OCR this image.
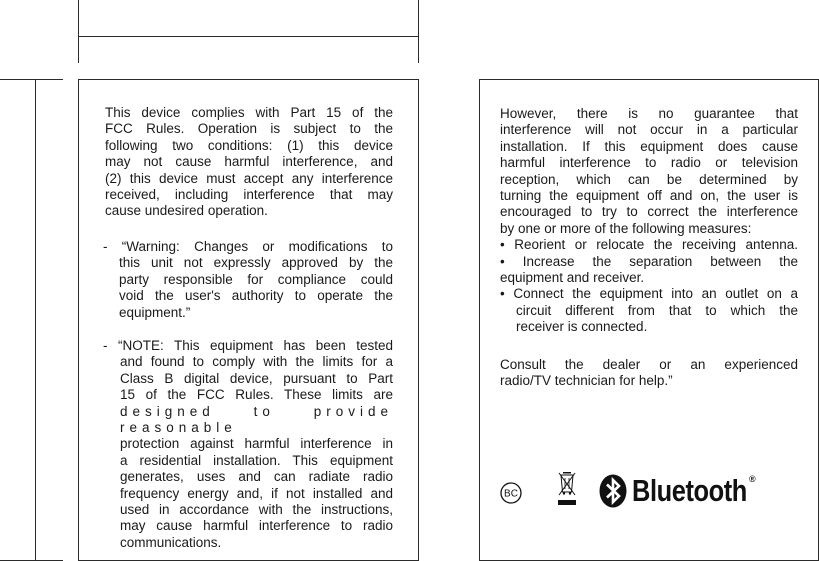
This device complies with Part 15 of the
FCC Rules. Operation is subject to the
following two conditions: (1) this device
may not cause harmful interference, and
(2) this device must accept any interference
received, including interference that may
cause undesired operation.
- “Warning: Changes or modifications to
this unit not expressly approved by the
party responsible for compliance could
void the user's authority to operate the
equipment.”
- “NOTE: This equipment has been tested
and found to comply with the limits for a
Class B digital device, pursuant to Part
15 of the FCC Rules. These limits are
designed to provide reasonable
protection against harmful interference in
a residential installation. This equipment
generates, uses and can radiate radio
frequency energy and, if not installed and
used in accordance with the instructions,
may cause harmful interference to radio
communications.
However, there is no guarantee that
interference will not occur in a particular
installation. If this equipment does cause
harmful interference to radio or television
reception, which can be determined by
turning the equipment off and on, the user is
encouraged to try to correct the interference
by one or more of the following measures:
• Reorient or relocate the receiving antenna.
• Increase the separation between the
equipment and receiver.
• Connect the equipment into an outlet on a
circuit different from that to which the
receiver is connected.
Consult the dealer or an experienced
radio/TV technician for help.”
BC	Bluetooth ®
